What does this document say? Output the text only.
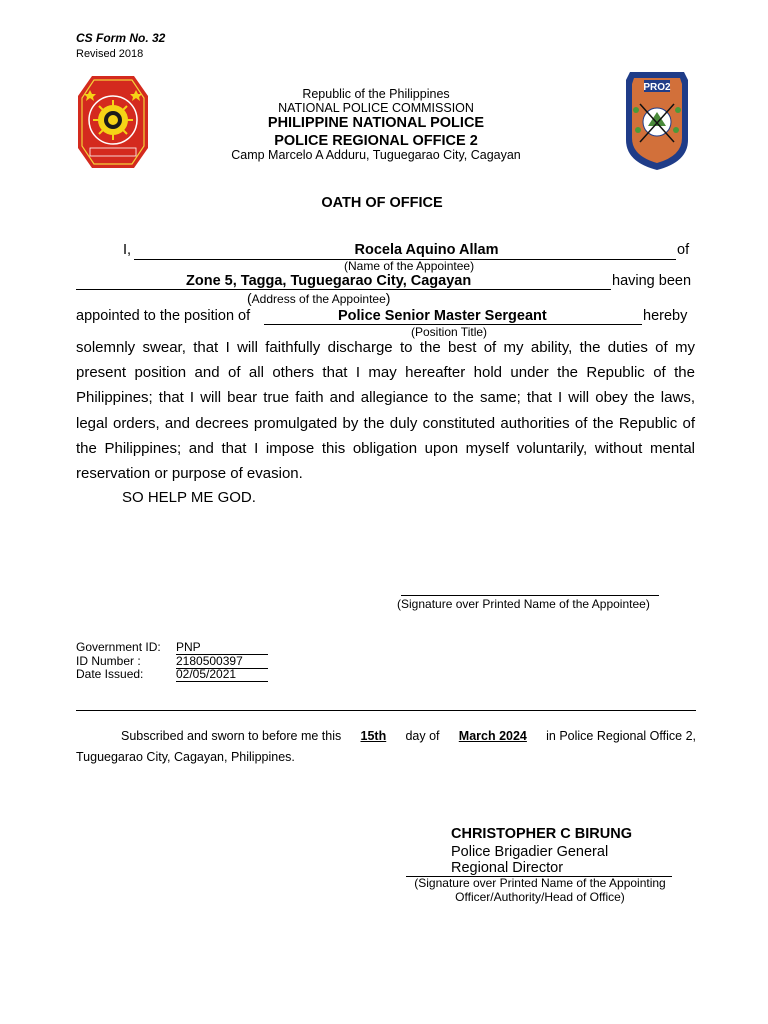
CS Form No. 32
Revised 2018
PRO2
Republic of the Philippines
NATIONAL POLICE COMMISSION
PHILIPPINE NATIONAL POLICE
POLICE REGIONAL OFFICE 2
Camp Marcelo A Adduru, Tuguegarao City, Cagayan
OATH OF OFFICE
I,	Rocela Aquino Allam	of
(Name of the Appointee)
Zone 5, Tagga, Tuguegarao City, Cagayan	having been
(Address of the Appointee)
appointed to the position of	Police Senior Master Sergeant	hereby
(Position Title)
solemnly swear, that I will faithfully discharge to the best of my ability, the duties of my present position and of all others that I may hereafter hold under the Republic of the Philippines; that I will bear true faith and allegiance to the same; that I will obey the laws, legal orders, and decrees promulgated by the duly constituted authorities of the Republic of the Philippines; and that I impose this obligation upon myself voluntarily, without mental reservation or purpose of evasion.
SO HELP ME GOD.
(Signature over Printed Name of the Appointee)
Government ID: PNP
ID Number :	2180500397
Date Issued:	02/05/2021
Subscribed and sworn to before me this 15th day of March 2024 in Police Regional Office 2,
Tuguegarao City, Cagayan, Philippines.
CHRISTOPHER C BIRUNG
Police Brigadier General
Regional Director
(Signature over Printed Name of the Appointing
Officer/Authority/Head of Office)
